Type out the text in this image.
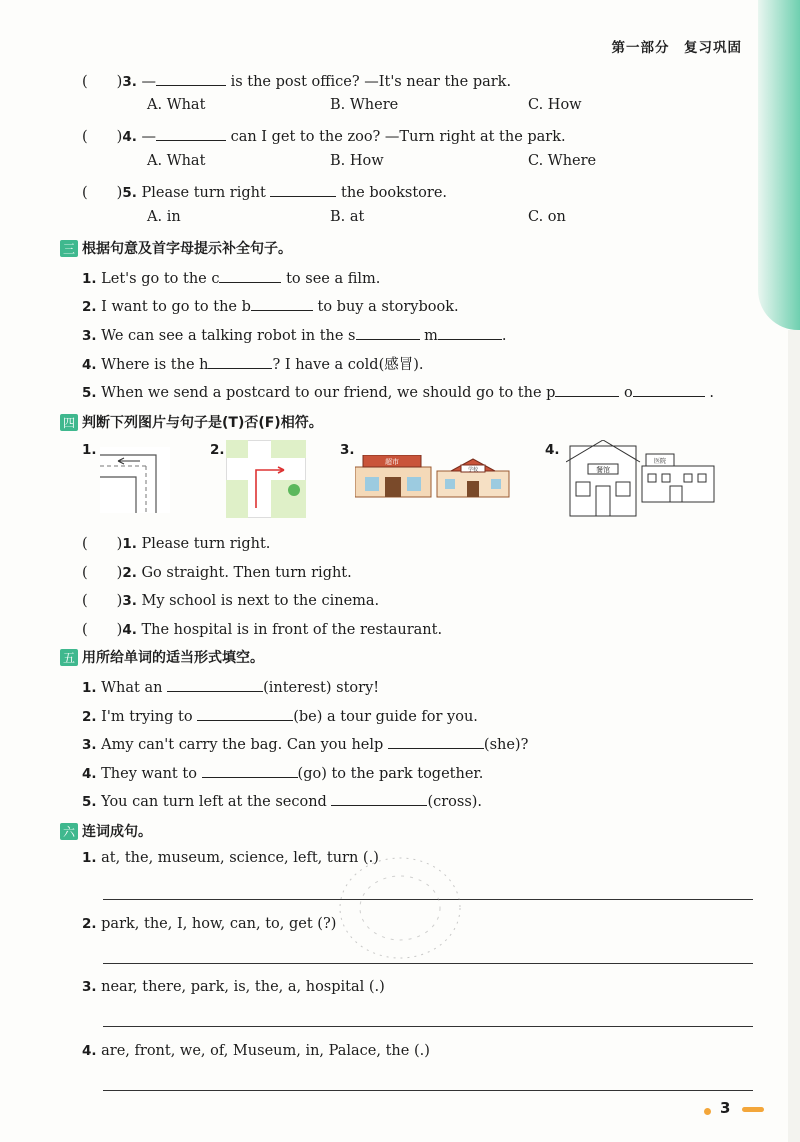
第一部分　复习巩固
(　　)3. —	is the post office? —It's near the park.
A. What	B. Where	C. How
(　　)4. —	can I get to the zoo? —Turn right at the park.
A. What	B. How	C. Where
(　　)5. Please turn right	the bookstore.
A. in	B. at	C. on
三 根据句意及首字母提示补全句子。
1. Let's go to the c	to see a film.
2. I want to go to the b	to buy a storybook.
3. We can see a talking robot in the s	m	.
4. Where is the h	? I have a cold(感冒).
5. When we send a postcard to our friend, we should go to the p	o	.
四 判断下列图片与句子是(T)否(F)相符。
1.	2.	3.	4.
超市
学校	餐馆
医院
(　　)1. Please turn right.
(　　)2. Go straight. Then turn right.
(　　)3. My school is next to the cinema.
(　　)4. The hospital is in front of the restaurant.
五 用所给单词的适当形式填空。
1. What an	(interest) story!
2. I'm trying to	(be) a tour guide for you.
3. Amy can't carry the bag. Can you help	(she)?
4. They want to	(go) to the park together.
5. You can turn left at the second	(cross).
六 连词成句。
1. at, the, museum, science, left, turn (.)
2. park, the, I, how, can, to, get (?)
3. near, there, park, is, the, a, hospital (.)
4. are, front, we, of, Museum, in, Palace, the (.)
3
